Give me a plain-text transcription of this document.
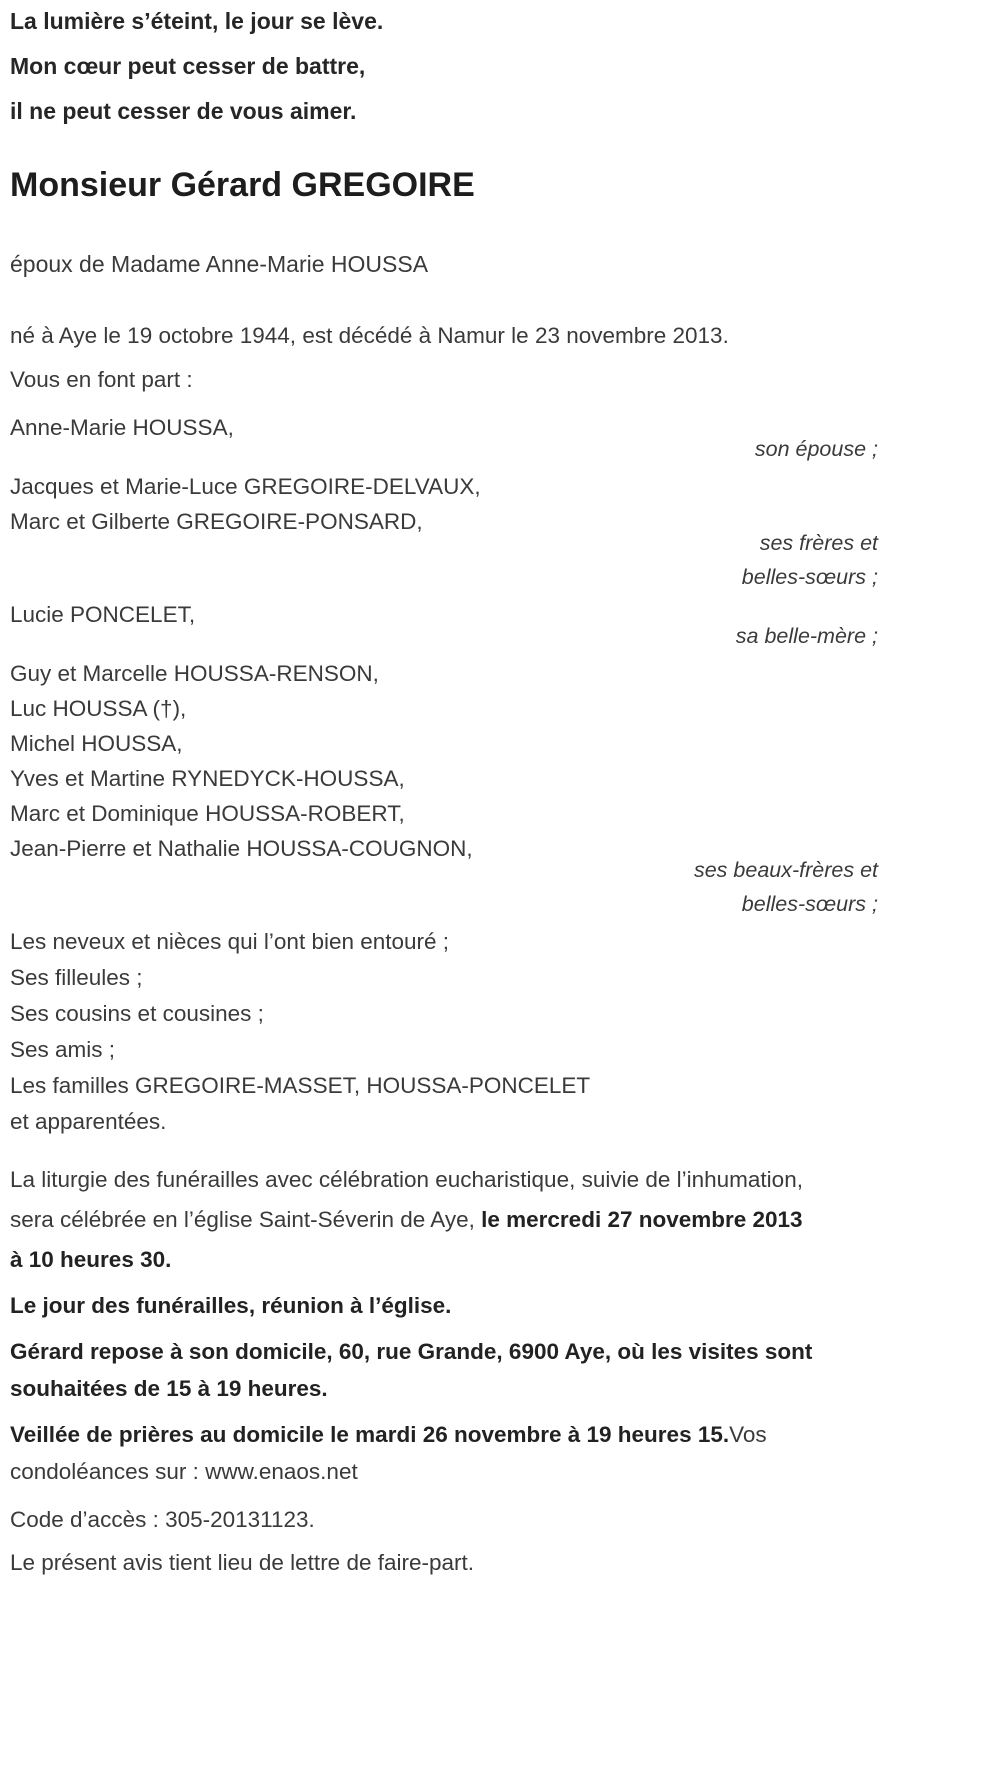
La lumière s’éteint, le jour se lève.

Mon cœur peut cesser de battre,

il ne peut cesser de vous aimer.

Monsieur Gérard GREGOIRE

époux de Madame Anne-Marie HOUSSA

né à Aye le 19 octobre 1944, est décédé à Namur le 23 novembre 2013.

Vous en font part :

Anne-Marie HOUSSA,

son épouse ;

Jacques et Marie-Luce GREGOIRE-DELVAUX,

Marc et Gilberte GREGOIRE-PONSARD,

ses frères et

belles-sœurs ;

Lucie PONCELET,

sa belle-mère ;

Guy et Marcelle HOUSSA-RENSON,

Luc HOUSSA (†),

Michel HOUSSA,

Yves et Martine RYNEDYCK-HOUSSA,

Marc et Dominique HOUSSA-ROBERT,

Jean-Pierre et Nathalie HOUSSA-COUGNON,

ses beaux-frères et

belles-sœurs ;

Les neveux et nièces qui l’ont bien entouré ;

Ses filleules ;

Ses cousins et cousines ;

Ses amis ;

Les familles GREGOIRE-MASSET, HOUSSA-PONCELET

et apparentées.

La liturgie des funérailles avec célébration eucharistique, suivie de l’inhumation, sera célébrée en l’église Saint-Séverin de Aye, le mercredi 27 novembre 2013 à 10 heures 30.

Le jour des funérailles, réunion à l’église.

Gérard repose à son domicile, 60, rue Grande, 6900 Aye, où les visites sont souhaitées de 15 à 19 heures.

Veillée de prières au domicile le mardi 26 novembre à 19 heures 15.Vos condoléances sur : www.enaos.net

Code d’accès : 305-20131123.

Le présent avis tient lieu de lettre de faire-part.
